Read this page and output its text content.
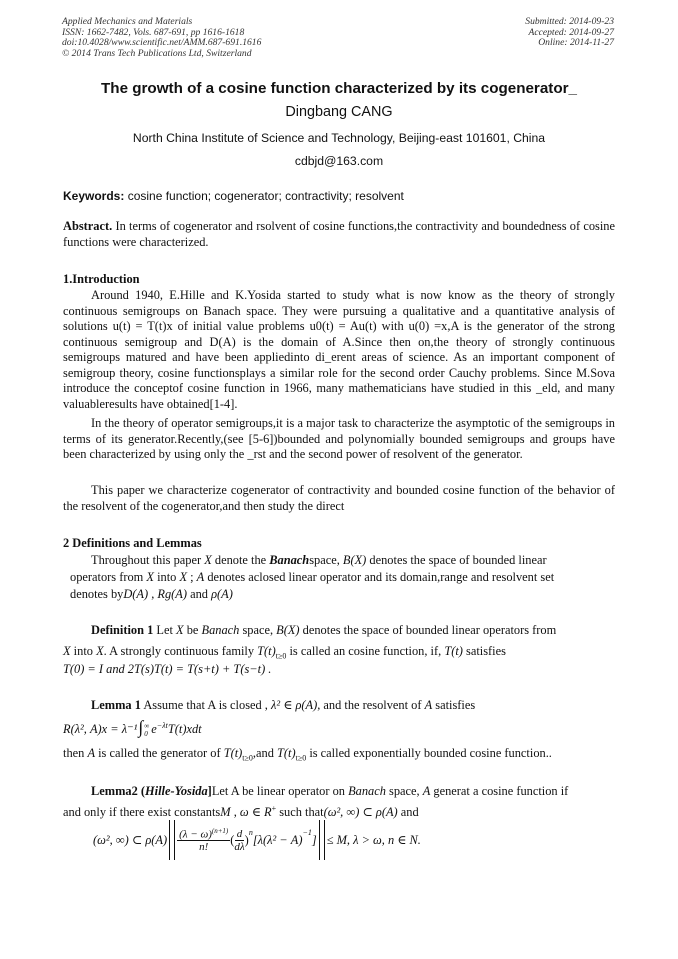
Applied Mechanics and Materials
ISSN: 1662-7482, Vols. 687-691, pp 1616-1618
doi:10.4028/www.scientific.net/AMM.687-691.1616
© 2014 Trans Tech Publications Ltd, Switzerland
Submitted: 2014-09-23
Accepted: 2014-09-27
Online: 2014-11-27
The growth of a cosine function characterized by its cogenerator_
Dingbang CANG
North China Institute of Science and Technology, Beijing-east 101601, China
cdbjd@163.com
Keywords: cosine function; cogenerator; contractivity; resolvent
Abstract. In terms of cogenerator and rsolvent of cosine functions,the contractivity and boundedness of cosine functions were characterized.
1.Introduction
Around 1940, E.Hille and K.Yosida started to study what is now know as the theory of strongly continuous semigroups on Banach space. They were pursuing a qualitative and a quantitative analysis of solutions u(t) = T(t)x of initial value problems u0(t) = Au(t) with u(0) =x,A is the generator of the strong continuous semigroup and D(A) is the domain of A.Since then on,the theory of strongly continuous semigroups matured and have been appliedinto di_erent areas of science. As an important component of semigroup theory, cosine functionsplays a similar role for the second order Cauchy problems. Since M.Sova introduce the conceptof cosine function in 1966, many mathematicians have studied in this _eld, and many valuableresults have obtained[1-4].
In the theory of operator semigroups,it is a major task to characterize the asymptotic of the semigroups in terms of its generator.Recently,(see [5-6])bounded and polynomially bounded semigroups and groups have been characterized by using only the _rst and the second power of resolvent of the generator.
This paper we characterize cogenerator of contractivity and bounded cosine function of the behavior of the resolvent of the cogenerator,and then study the direct
2 Definitions and Lemmas
Throughout this paper X denote the Banachspace, B(X) denotes the space of bounded linear
operators from X into X ; A denotes aclosed linear operator and its domain,range and resolvent set
denotes byD(A) , Rg(A) and ρ(A)
Definition 1 Let X be Banach space, B(X) denotes the space of bounded linear operators from
X into X. A strongly continuous family $T(t)_{t\ge 0}$ is called an cosine function, if, T(t) satisfies
T(0) = I and 2T(s)T(t) = T(s+t) + T(s−t) .
Lemma 1 Assume that A is closed , λ² ∈ ρ(A), and the resolvent of A satisfies
R(λ², A)x = λ⁻¹∫ ∞
0 $e^{-\lambda t}T(t)xdt$
then A is called the generator of $T(t)_{t\ge 0},and$ $T(t)_{t\ge 0}$ is called exponentially bounded cosine function..
Lemma2 (Hille-Yosida]Let A be linear operator on Banach space, A generat a cosine function if
and only if there exist constantsM , ω ∈ R+ such that(ω², ∞) ⊂ ρ(A) and
(ω², ∞) ⊂ $\rho(A) \frac{(\lambda - \omega)^{(n+1)}}{n!}$ ( $\frac{d}{d\lambda} )^n$ [$\lambda(\lambda^2 - A)^{-1}$ ] ≤ M, λ > ω, n ∈ N.
